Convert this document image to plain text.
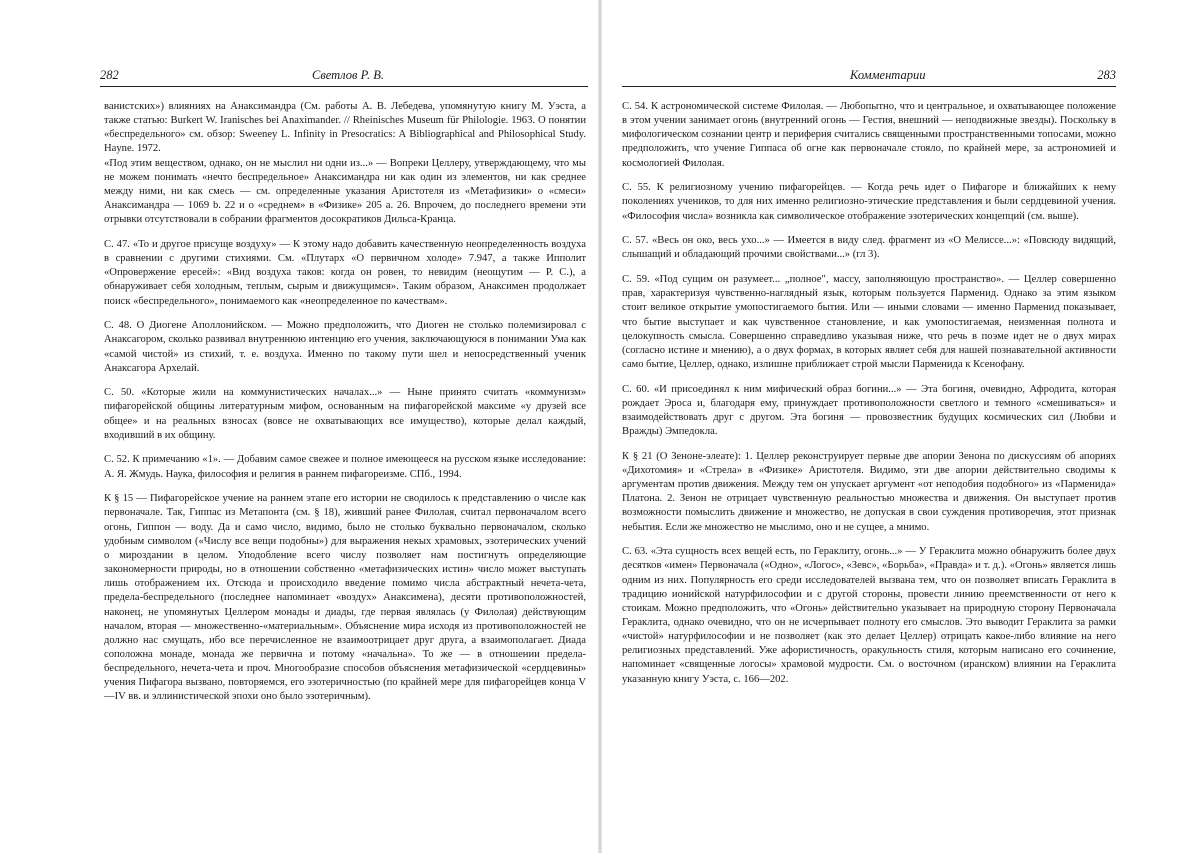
282	Светлов Р. В.

ванистских») влияниях на Анаксимандра (См. работы А. В. Лебедева, упомянутую книгу М. Уэста, а также статью: Burkert W. Iranisches bei Anaximander. // Rheinisches Museum für Philologie. 1963. О понятии «беспредельного» см. обзор: Sweeney L. Infinity in Presocratics: A Bibliographical and Philosophical Study. Hayne. 1972.

«Под этим веществом, однако, он не мыслил ни одни из...» — Вопреки Целлеру, утверждающему, что мы не можем понимать «нечто беспредельное» Анаксимандра ни как один из элементов, ни как среднее между ними, ни как смесь — см. определенные указания Аристотеля из «Метафизики» о «смеси» Анаксимандра — 1069 b. 22 и о «среднем» в «Физике» 205 а. 26. Впрочем, до последнего времени эти отрывки отсутствовали в собрании фрагментов досократиков Дильса-Кранца.

С. 47. «То и другое присуще воздуху» — К этому надо добавить качественную неопределенность воздуха в сравнении с другими стихиями. См. «Плутарх «О первичном холоде» 7.947, а также Ипполит «Опровержение ересей»: «Вид воздуха таков: когда он ровен, то невидим (неощутим — Р. С.), а обнаруживает себя холодным, теплым, сырым и движущимся». Таким образом, Анаксимен продолжает поиск «беспредельного», понимаемого как «неопределенное по качествам».

С. 48. О Диогене Аполлонийском. — Можно предположить, что Диоген не столько полемизировал с Анаксагором, сколько развивал внутреннюю интенцию его учения, заключающуюся в понимании Ума как «самой чистой» из стихий, т. е. воздуха. Именно по такому пути шел и непосредственный ученик Анаксагора Архелай.

С. 50. «Которые жили на коммунистических началах...» — Ныне принято считать «коммунизм» пифагорейской общины литературным мифом, основанным на пифагорейской максиме «у друзей все общее» и на реальных взносах (вовсе не охватывающих все имущество), которые делал каждый, входивший в их общину.

С. 52. К примечанию «1». — Добавим самое свежее и полное имеющееся на русском языке исследование: А. Я. Жмудь. Наука, философия и религия в раннем пифагореизме. СПб., 1994.

К § 15 — Пифагорейское учение на раннем этапе его истории не сводилось к представлению о числе как первоначале. Так, Гиппас из Метапонта (см. § 18), живший ранее Филолая, считал первоначалом всего огонь, Гиппон — воду. Да и само число, видимо, было не столько буквально первоначалом, сколько удобным символом («Числу все вещи подобны») для выражения некых храмовых, эзотерических учений о мироздании в целом. Уподобление всего числу позволяет нам постигнуть определяющие закономерности природы, но в отношении собственно «метафизических истин» число может выступать лишь отображением их. Отсюда и происходило введение помимо числа абстрактный нечета-чета, предела-беспредельного (последнее напоминает «воздух» Анаксимена), десяти противоположностей, наконец, не упомянутых Целлером монады и диады, где первая являлась (у Филолая) действующим началом, вторая — множественно-«материальным». Объяснение мира исходя из противоположностей не должно нас смущать, ибо все перечисленное не взаимоотрицает друг друга, а взаимополагает. Диада соположна монаде, монада же первична и потому «начальна». То же — в отношении предела-беспредельного, нечета-чета и проч. Многообразие способов объяснения метафизической «сердцевины» учения Пифагора вызвано, повторяемся, его эзотеричностью (по крайней мере для пифагорейцев конца V—IV вв. и эллинистической эпохи оно было эзотеричным).

Комментарии	283

С. 54. К астрономической системе Филолая. — Любопытно, что и центральное, и охватывающее положение в этом учении занимает огонь (внутренний огонь — Гестия, внешний — неподвижные звезды). Поскольку в мифологическом сознании центр и периферия считались священными пространственными топосами, можно предположить, что учение Гиппаса об огне как первоначале стояло, по крайней мере, за астрономией и космологией Филолая.

С. 55. К религиозному учению пифагорейцев. — Когда речь идет о Пифагоре и ближайших к нему поколениях учеников, то для них именно религиозно-этические представления и были сердцевиной учения. «Философия числа» возникла как символическое отображение эзотерических концепций (см. выше).

С. 57. «Весь он око, весь ухо...» — Имеется в виду след. фрагмент из «О Мелиссе...»: «Повсюду видящий, слышащий и обладающий прочими свойствами...» (гл 3).

С. 59. «Под сущим он разумеет... „полное", массу, заполняющую пространство». — Целлер совершенно прав, характеризуя чувственно-наглядный язык, которым пользуется Парменид. Однако за этим языком стоит великое открытие умопостигаемого бытия. Или — иными словами — именно Парменид показывает, что бытие выступает и как чувственное становление, и как умопостигаемая, неизменная полнота и целокупность смысла. Совершенно справедливо указывая ниже, что речь в поэме идет не о двух мирах (согласно истине и мнению), а о двух формах, в которых являет себя для нашей познавательной активности само бытие, Целлер, однако, излишне приближает строй мысли Парменида к Ксенофану.

С. 60. «И присоединял к ним мифический образ богини...» — Эта богиня, очевидно, Афродита, которая рождает Эроса и, благодаря ему, принуждает противоположности светлого и темного «смешиваться» и взаимодействовать друг с другом. Эта богиня — провозвестник будущих космических сил (Любви и Вражды) Эмпедокла.

К § 21 (О Зеноне-элеате): 1. Целлер реконструирует первые две апории Зенона по дискуссиям об апориях «Дихотомия» и «Стрела» в «Физике» Аристотеля. Видимо, эти две апории действительно сводимы к аргументам против движения. Между тем он упускает аргумент «от неподобия подобного» из «Парменида» Платона. 2. Зенон не отрицает чувственную реальностью множества и движения. Он выступает против возможности помыслить движение и множество, не допуская в свои суждения противоречия, этот признак небытия. Если же множество не мыслимо, оно и не сущее, а мнимо.

С. 63. «Эта сущность всех вещей есть, по Гераклиту, огонь...» — У Гераклита можно обнаружить более двух десятков «имен» Первоначала («Одно», «Логос», «Зевс», «Борьба», «Правда» и т. д.). «Огонь» является лишь одним из них. Популярность его среди исследователей вызвана тем, что он позволяет вписать Гераклита в традицию ионийской натурфилософии и с другой стороны, провести линию преемственности от него к стоикам. Можно предположить, что «Огонь» действительно указывает на природную сторону Первоначала Гераклита, однако очевидно, что он не исчерпывает полноту его смыслов. Это выводит Гераклита за рамки «чистой» натурфилософии и не позволяет (как это делает Целлер) отрицать какое-либо влияние на него религиозных представлений. Уже афористичность, оракульность стиля, которым написано его сочинение, напоминает «священные логосы» храмовой мудрости. См. о восточном (иранском) влиянии на Гераклита указанную книгу Уэста, с. 166—202.
